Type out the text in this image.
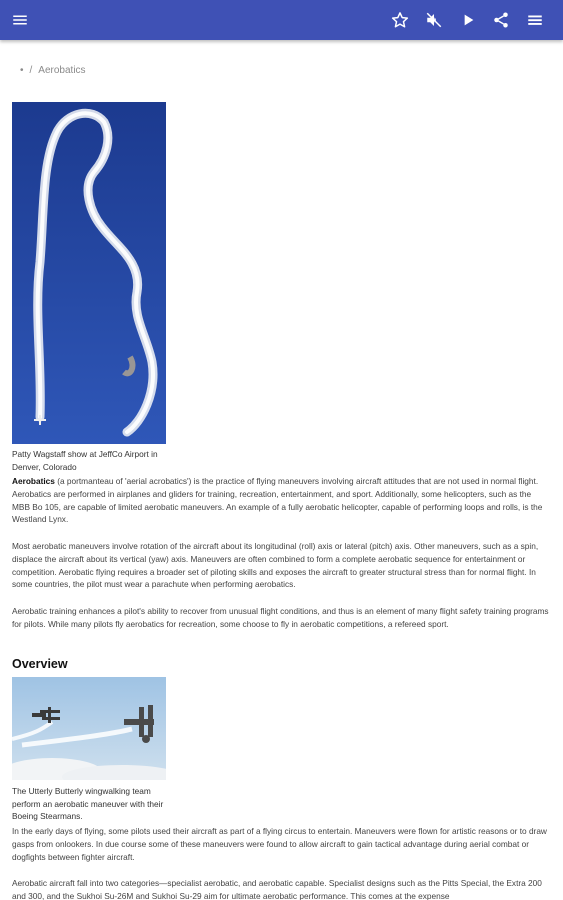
• / Aerobatics
Patty Wagstaff show at JeffCo Airport in Denver, Colorado

Aerobatics (a portmanteau of 'aerial acrobatics') is the practice of flying maneuvers involving aircraft attitudes that are not used in normal flight. Aerobatics are performed in airplanes and gliders for training, recreation, entertainment, and sport. Additionally, some helicopters, such as the MBB Bo 105, are capable of limited aerobatic maneuvers. An example of a fully aerobatic helicopter, capable of performing loops and rolls, is the Westland Lynx.

Most aerobatic maneuvers involve rotation of the aircraft about its longitudinal (roll) axis or lateral (pitch) axis. Other maneuvers, such as a spin, displace the aircraft about its vertical (yaw) axis. Maneuvers are often combined to form a complete aerobatic sequence for entertainment or competition. Aerobatic flying requires a broader set of piloting skills and exposes the aircraft to greater structural stress than for normal flight. In some countries, the pilot must wear a parachute when performing aerobatics.

Aerobatic training enhances a pilot's ability to recover from unusual flight conditions, and thus is an element of many flight safety training programs for pilots. While many pilots fly aerobatics for recreation, some choose to fly in aerobatic competitions, a refereed sport.

Overview
The Utterly Butterly wingwalking team perform an aerobatic maneuver with their Boeing Stearmans.

In the early days of flying, some pilots used their aircraft as part of a flying circus to entertain. Maneuvers were flown for artistic reasons or to draw gasps from onlookers. In due course some of these maneuvers were found to allow aircraft to gain tactical advantage during aerial combat or dogfights between fighter aircraft.

Aerobatic aircraft fall into two categories—specialist aerobatic, and aerobatic capable. Specialist designs such as the Pitts Special, the Extra 200 and 300, and the Sukhoi Su-26M and Sukhoi Su-29 aim for ultimate aerobatic performance. This comes at the expense
